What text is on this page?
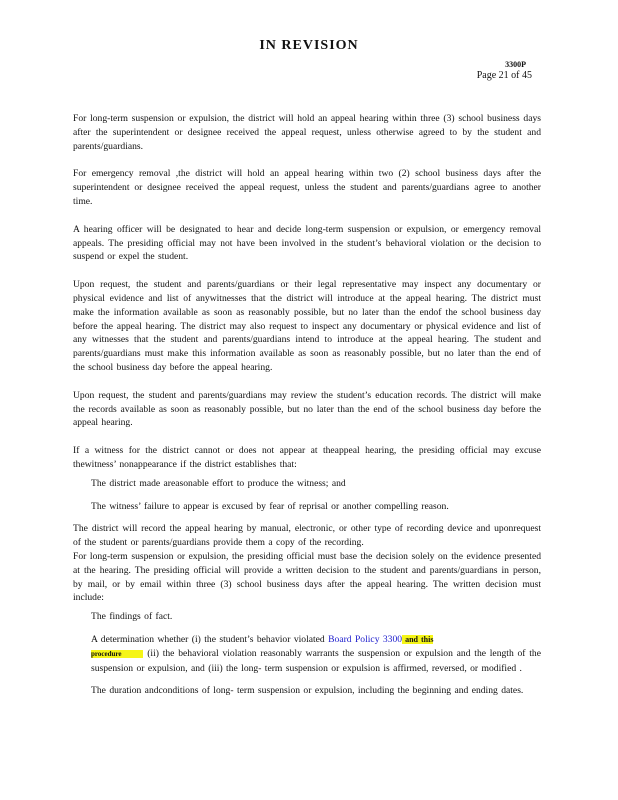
IN REVISION
3300P
Page 21 of 45

For long-term suspension or expulsion, the district will hold an appeal hearing within three (3) school business days after the superintendent or designee received the appeal request, unless otherwise agreed to by the student and parents/guardians.

For emergency removal ,the district will hold an appeal hearing within two (2) school business days after the superintendent or designee received the appeal request, unless the student and parents/guardians agree to another time.

A hearing officer will be designated to hear and decide long-term suspension or expulsion, or emergency removal appeals. The presiding official may not have been involved in the student’s behavioral violation or the decision to suspend or expel the student.

Upon request, the student and parents/guardians or their legal representative may inspect any documentary or physical evidence and list of anywitnesses that the district will introduce at the appeal hearing. The district must make the information available as soon as reasonably possible, but no later than the endof the school business day before the appeal hearing. The district may also request to inspect any documentary or physical evidence and list of any witnesses that the student and parents/guardians intend to introduce at the appeal hearing. The student and parents/guardians must make this information available as soon as reasonably possible, but no later than the end of the school business day before the appeal hearing.

Upon request, the student and parents/guardians may review the student’s education records. The district will make the records available as soon as reasonably possible, but no later than the end of the school business day before the appeal hearing.

If a witness for the district cannot or does not appear at theappeal hearing, the presiding official may excuse thewitness’ nonappearance if the district establishes that:

The district made areasonable effort to produce the witness; and
The witness’ failure to appear is excused by fear of reprisal or another compelling reason.

The district will record the appeal hearing by manual, electronic, or other type of recording device and uponrequest of the student or parents/guardians provide them a copy of the recording.

For long-term suspension or expulsion, the presiding official must base the decision solely on the evidence presented at the hearing. The presiding official will provide a written decision to the student and parents/guardians in person, by mail, or by email within three (3) school business days after the appeal hearing. The written decision must include:

The findings of fact.
A determination whether (i) the student’s behavior violated Board Policy 3300 and this
procedure (ii) the behavioral violation reasonably warrants the suspension or expulsion and the length of the suspension or expulsion, and (iii) the long- term suspension or expulsion is affirmed, reversed, or modified .
The duration andconditions of long- term suspension or expulsion, including the beginning and ending dates.
